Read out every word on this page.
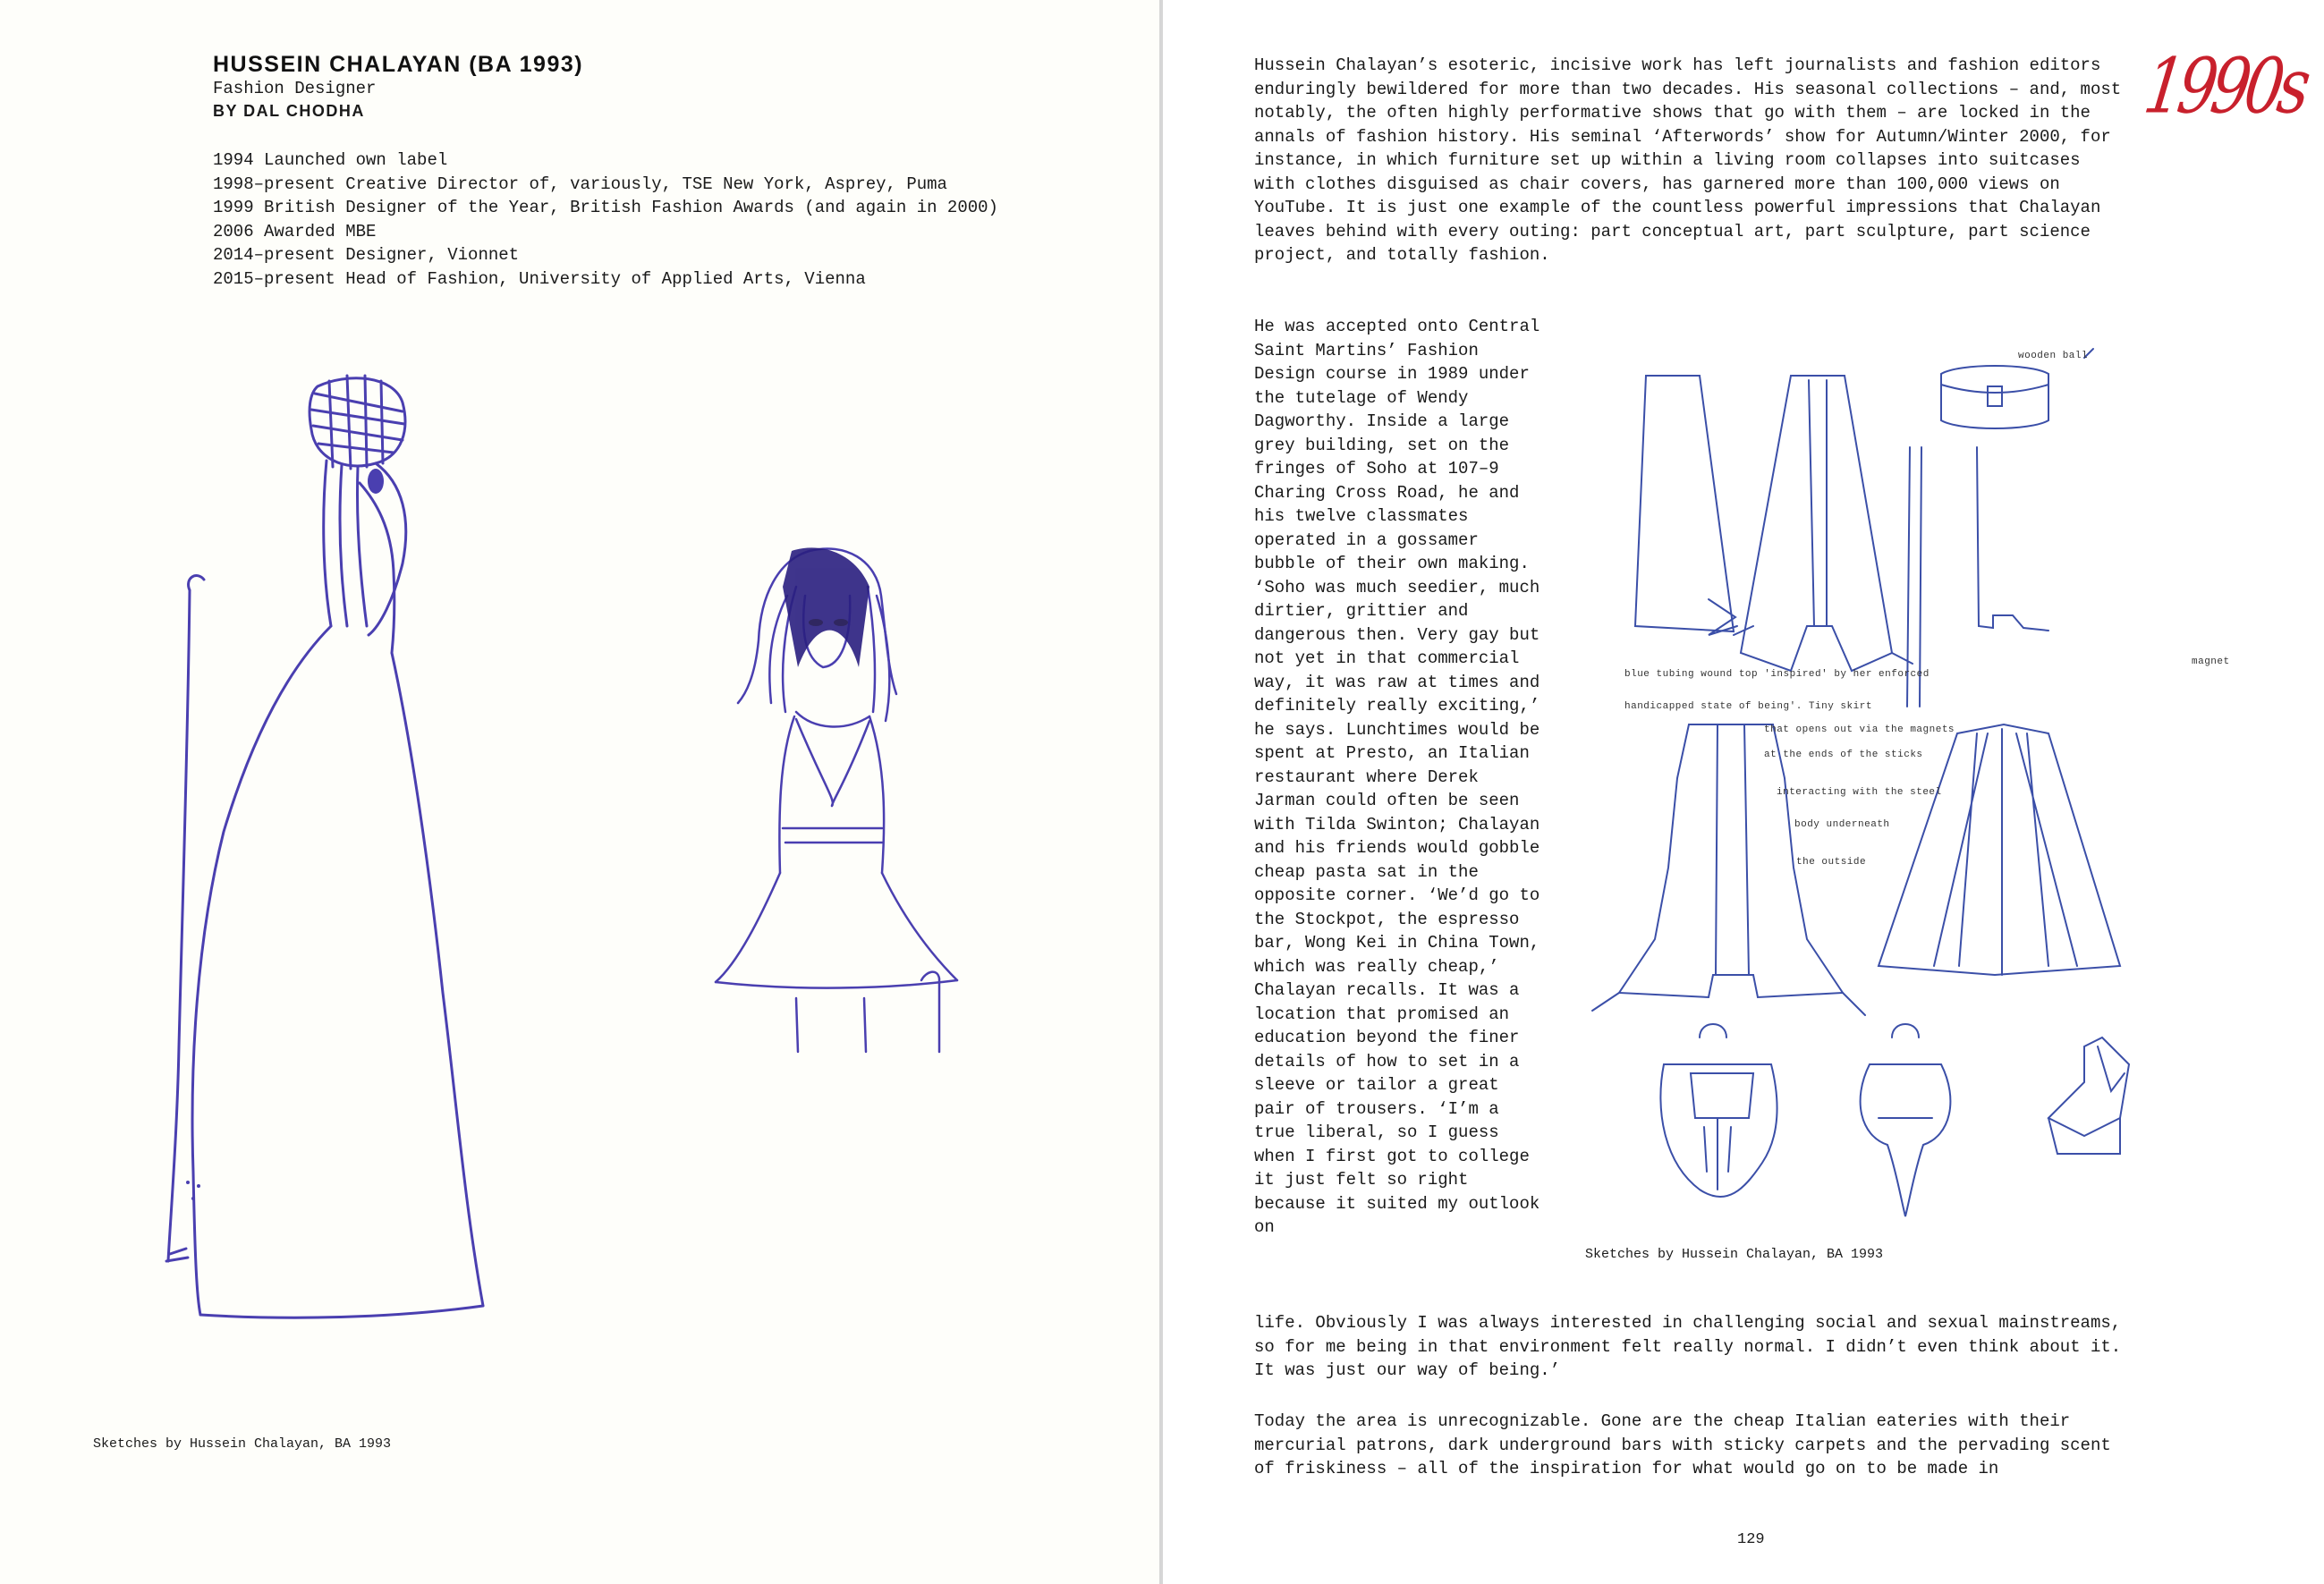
HUSSEIN CHALAYAN (BA 1993)
Fashion Designer
BY DAL CHODHA
1994 Launched own label
1998–present Creative Director of, variously, TSE New York, Asprey, Puma
1999 British Designer of the Year, British Fashion Awards (and again in 2000)
2006 Awarded MBE
2014–present Designer, Vionnet
2015–present Head of Fashion, University of Applied Arts, Vienna
Sketches by Hussein Chalayan, BA 1993
1990s

Hussein Chalayan’s esoteric, incisive work has left journalists and fashion editors enduringly bewildered for more than two decades. His seasonal collections – and, most notably, the often highly performative shows that go with them – are locked in the annals of fashion history. His seminal ‘Afterwords’ show for Autumn/Winter 2000, for instance, in which furniture set up within a living room collapses into suitcases with clothes disguised as chair covers, has garnered more than 100,000 views on YouTube. It is just one example of the countless powerful impressions that Chalayan leaves behind with every outing: part conceptual art, part sculpture, part science project, and totally fashion.

He was accepted onto Central Saint Martins’ Fashion Design course in 1989 under the tutelage of Wendy Dagworthy. Inside a large grey building, set on the fringes of Soho at 107–9 Charing Cross Road, he and his twelve classmates operated in a gossamer bubble of their own making. ‘Soho was much seedier, much dirtier, grittier and dangerous then. Very gay but not yet in that commercial way, it was raw at times and definitely really exciting,’ he says. Lunchtimes would be spent at Presto, an Italian restaurant where Derek Jarman could often be seen with Tilda Swinton; Chalayan and his friends would gobble cheap pasta sat in the opposite corner. ‘We’d go to the Stockpot, the espresso bar, Wong Kei in China Town, which was really cheap,’ Chalayan recalls. It was a location that promised an education beyond the finer details of how to set in a sleeve or tailor a great pair of trousers. ‘I’m a true liberal, so I guess when I first got to college it just felt so right because it suited my outlook on

life. Obviously I was always interested in challenging social and sexual mainstreams, so for me being in that environment felt really normal. I didn’t even think about it. It was just our way of being.’

Today the area is unrecognizable. Gone are the cheap Italian eateries with their mercurial patrons, dark underground bars with sticky carpets and the pervading scent of friskiness – all of the inspiration for what would go on to be made in

wooden ball
magnet
blue tubing wound top 'inspired' by her enforced
handicapped state of being'. Tiny skirt
that opens out via the magnets
at the ends of the sticks
interacting with the steel
body underneath
the outside
Sketches by Hussein Chalayan, BA 1993
129
